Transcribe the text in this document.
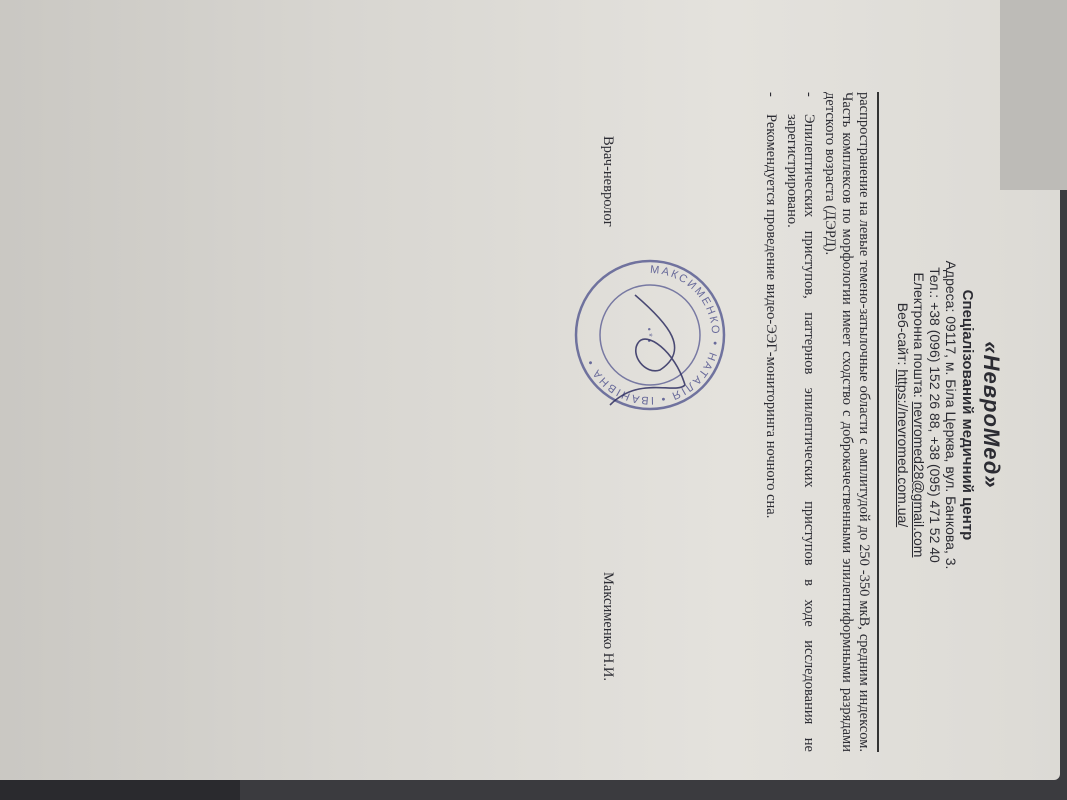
«НевроМед»
Спеціалізований медичний центр
Адреса: 09117, м. Біла Церква, вул. Банкова, 3.
Тел.: +38 (096) 152 26 88, +38 (095) 471 52 40
Електронна пошта: nevromed28@gmail.com
Веб-сайт: https://nevromed.com.ua/

распространение на левые темено-затылочные области с амплитудой до 250 -350 мкВ, средним индексом. Часть комплексов по морфологии имеет сходство с доброкачественными эпилептиформными разрядами детского возраста (ДЭРД).

-
Эпилептических приступов, паттернов эпилептических приступов в ходе исследования не зарегистрировано.

-
Рекомендуется проведение видео-ЭЭГ-мониторинга ночного сна.

МАКСИМЕНКО • НАТАЛІЯ • ІВАНІВНА •
• * •
Врач-невролог
Максименко Н.И.
